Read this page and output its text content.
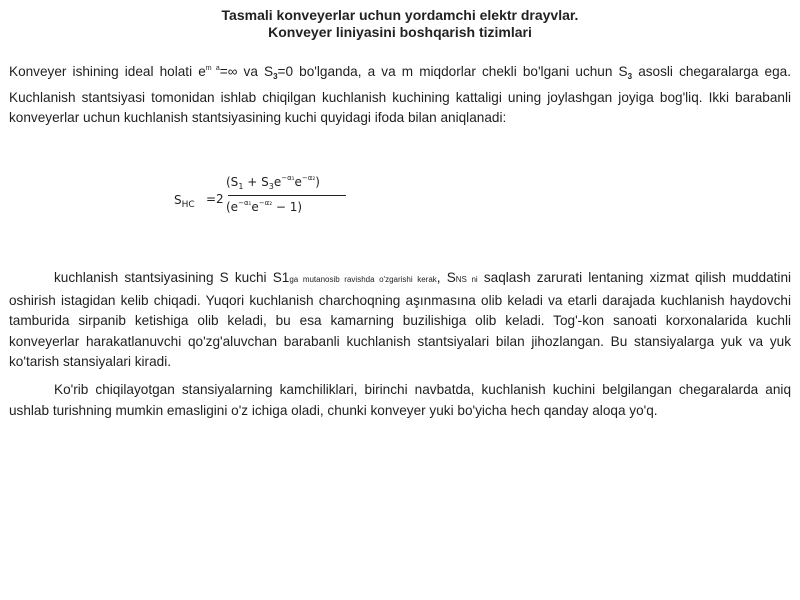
Tasmali konveyerlar uchun yordamchi elektr drayvlar.
Konveyer liniyasini boshqarish tizimlari
Konveyer ishining ideal holati $e^{m a}=\infty$ va $S_3=0$ bo'lganda, a va m miqdorlar chekli bo'lgani uchun $S_3$ asosli chegaralarga ega. Kuchlanish stantsiyasi tomonidan ishlab chiqilgan kuchlanish kuchining kattaligi uning joylashgan joyiga bog'liq. Ikki barabanli konveyerlar uchun kuchlanish stantsiyasining kuchi quyidagi ifoda bilan aniqlanadi:
$S_{HC} =2$
$(S_1 + S_3e^{-\alpha_1}e^{-\alpha_2})$
$(e^{-\alpha_1}e^{-\alpha_2} - 1)$
kuchlanish stantsiyasining S kuchi S1ga mutanosib ravishda o'zgarishi kerak, SNS ni saqlash zarurati lentaning xizmat qilish muddatini oshirish istagidan kelib chiqadi. Yuqori kuchlanish charchoqning aşınmasına olib keladi va etarli darajada kuchlanish haydovchi tamburida sirpanib ketishiga olib keladi, bu esa kamarning buzilishiga olib keladi. Tog'-kon sanoati korxonalarida kuchli konveyerlar harakatlanuvchi qo'zg'aluvchan barabanli kuchlanish stantsiyalari bilan jihozlangan. Bu stansiyalarga yuk va yuk ko'tarish stansiyalari kiradi.
Ko'rib chiqilayotgan stansiyalarning kamchiliklari, birinchi navbatda, kuchlanish kuchini belgilangan chegaralarda aniq ushlab turishning mumkin emasligini o'z ichiga oladi, chunki konveyer yuki bo'yicha hech qanday aloqa yo'q.
